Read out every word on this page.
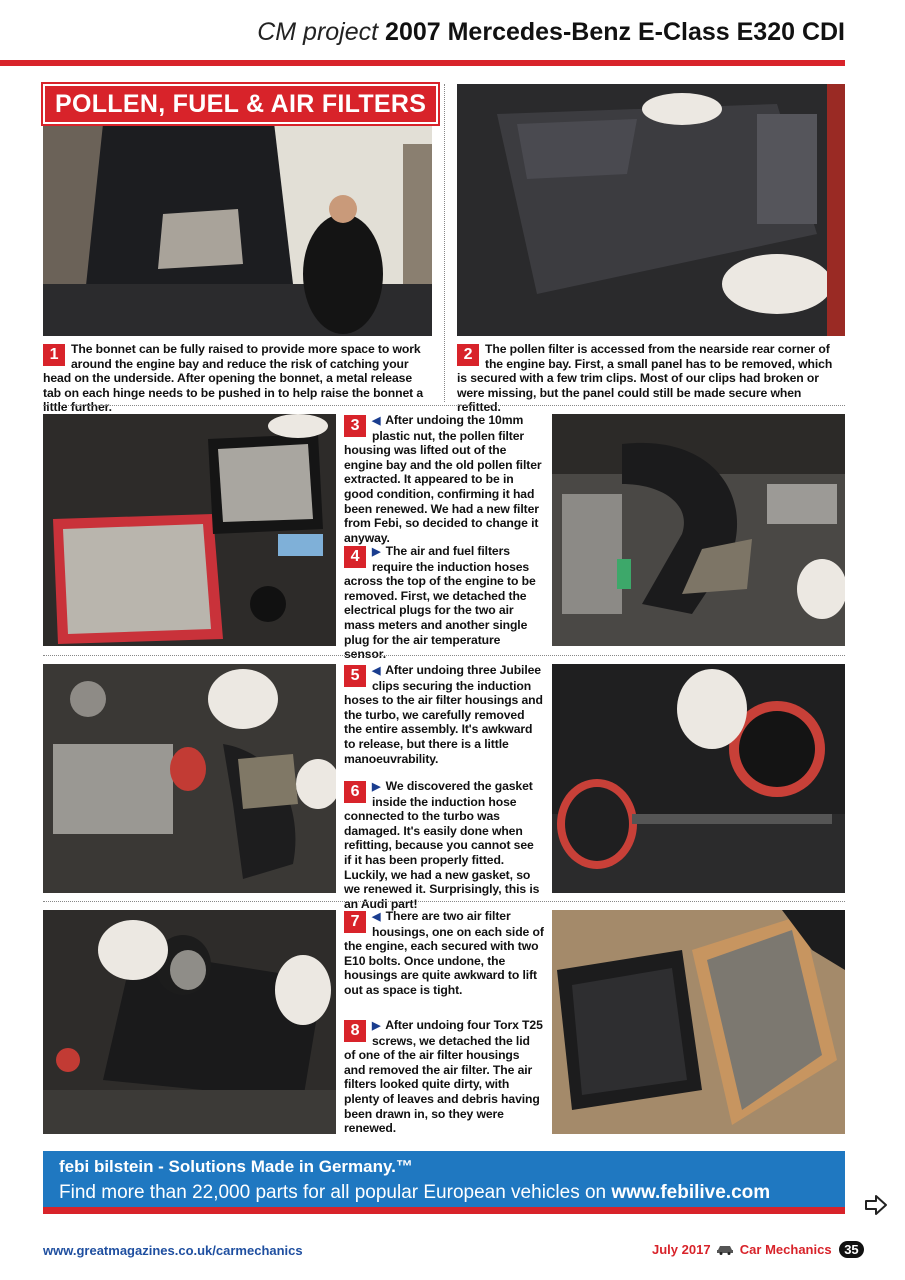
CM project 2007 Mercedes-Benz E-Class E320 CDI
POLLEN, FUEL & AIR FILTERS
1	The bonnet can be fully raised to provide more space to work around the engine bay and reduce the risk of catching your head on the underside. After opening the bonnet, a metal release tab on each hinge needs to be pushed in to help raise the bonnet a little further.
2	The pollen filter is accessed from the nearside rear corner of the engine bay. First, a small panel has to be removed, which is secured with a few trim clips. Most of our clips had broken or were missing, but the panel could still be made secure when refitted.
3	◀ After undoing the 10mm plastic nut, the pollen filter housing was lifted out of the engine bay and the old pollen filter extracted. It appeared to be in good condition, confirming it had been renewed. We had a new filter from Febi, so decided to change it anyway.
4	▶ The air and fuel filters require the induction hoses across the top of the engine to be removed. First, we detached the electrical plugs for the two air mass meters and another single plug for the air temperature sensor.
5	◀ After undoing three Jubilee clips securing the induction hoses to the air filter housings and the turbo, we carefully removed the entire assembly. It's awkward to release, but there is a little manoeuvrability.
6	▶ We discovered the gasket inside the induction hose connected to the turbo was damaged. It's easily done when refitting, because you cannot see if it has been properly fitted. Luckily, we had a new gasket, so we renewed it. Surprisingly, this is an Audi part!
7	◀ There are two air filter housings, one on each side of the engine, each secured with two E10 bolts. Once undone, the housings are quite awkward to lift out as space is tight.
8	▶ After undoing four Torx T25 screws, we detached the lid of one of the air filter housings and removed the air filter. The air filters looked quite dirty, with plenty of leaves and debris having been drawn in, so they were renewed.
febi bilstein - Solutions Made in Germany.™
Find more than 22,000 parts for all popular European vehicles on www.febilive.com
www.greatmagazines.co.uk/carmechanics	July 2017 Car Mechanics 35
